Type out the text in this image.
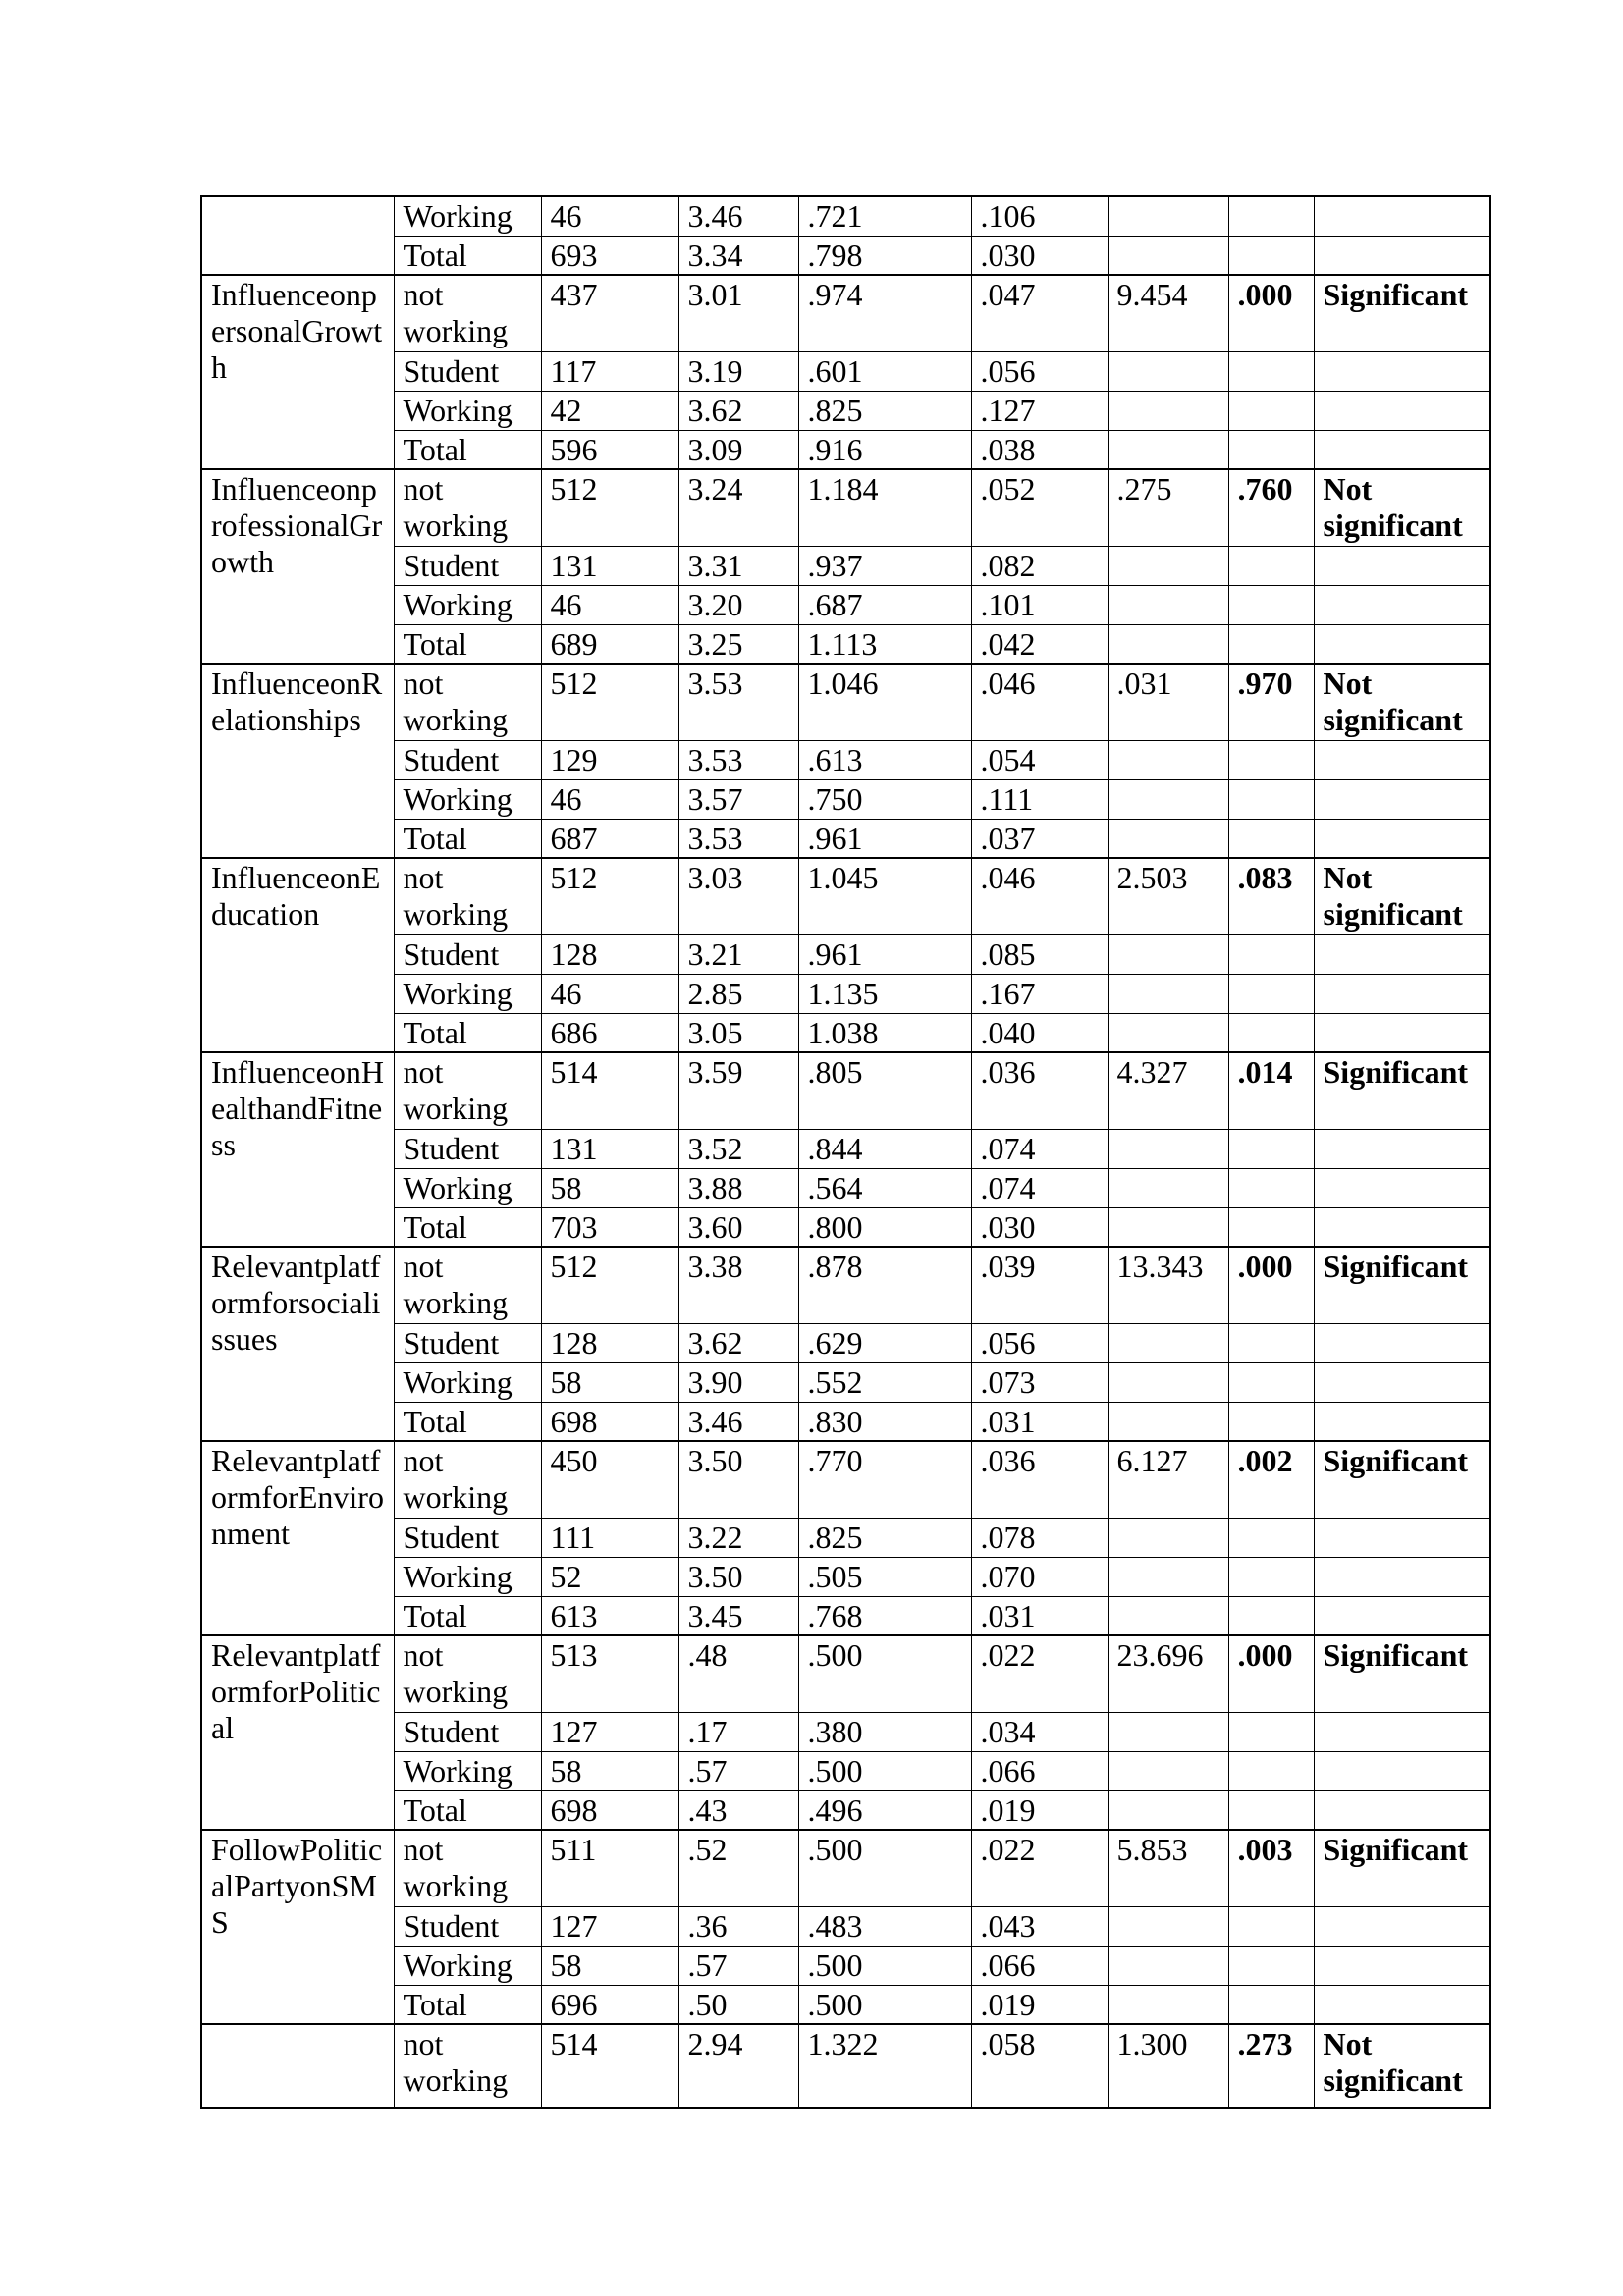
	Working	46	3.46	.721	.106			
	Total	693	3.34	.798	.030			
InfluenceonpersonalGrowth	not working	437	3.01	.974	.047	9.454	.000	Significant
	Student	117	3.19	.601	.056			
	Working	42	3.62	.825	.127			
	Total	596	3.09	.916	.038			
InfluenceonprofessionalGrowth	not working	512	3.24	1.184	.052	.275	.760	Not significant
	Student	131	3.31	.937	.082			
	Working	46	3.20	.687	.101			
	Total	689	3.25	1.113	.042			
InfluenceonRelationships	not working	512	3.53	1.046	.046	.031	.970	Not significant
	Student	129	3.53	.613	.054			
	Working	46	3.57	.750	.111			
	Total	687	3.53	.961	.037			
InfluenceonEducation	not working	512	3.03	1.045	.046	2.503	.083	Not significant
	Student	128	3.21	.961	.085			
	Working	46	2.85	1.135	.167			
	Total	686	3.05	1.038	.040			
InfluenceonHealthandFitness	not working	514	3.59	.805	.036	4.327	.014	Significant
	Student	131	3.52	.844	.074			
	Working	58	3.88	.564	.074			
	Total	703	3.60	.800	.030			
Relevantplatformforsocialissues	not working	512	3.38	.878	.039	13.343	.000	Significant
	Student	128	3.62	.629	.056			
	Working	58	3.90	.552	.073			
	Total	698	3.46	.830	.031			
RelevantplatformforEnvironment	not working	450	3.50	.770	.036	6.127	.002	Significant
	Student	111	3.22	.825	.078			
	Working	52	3.50	.505	.070			
	Total	613	3.45	.768	.031			
RelevantplatformforPolitical	not working	513	.48	.500	.022	23.696	.000	Significant
	Student	127	.17	.380	.034			
	Working	58	.57	.500	.066			
	Total	698	.43	.496	.019			
FollowPoliticalPartyonSMS	not working	511	.52	.500	.022	5.853	.003	Significant
	Student	127	.36	.483	.043			
	Working	58	.57	.500	.066			
	Total	696	.50	.500	.019			
	not working	514	2.94	1.322	.058	1.300	.273	Not significant
